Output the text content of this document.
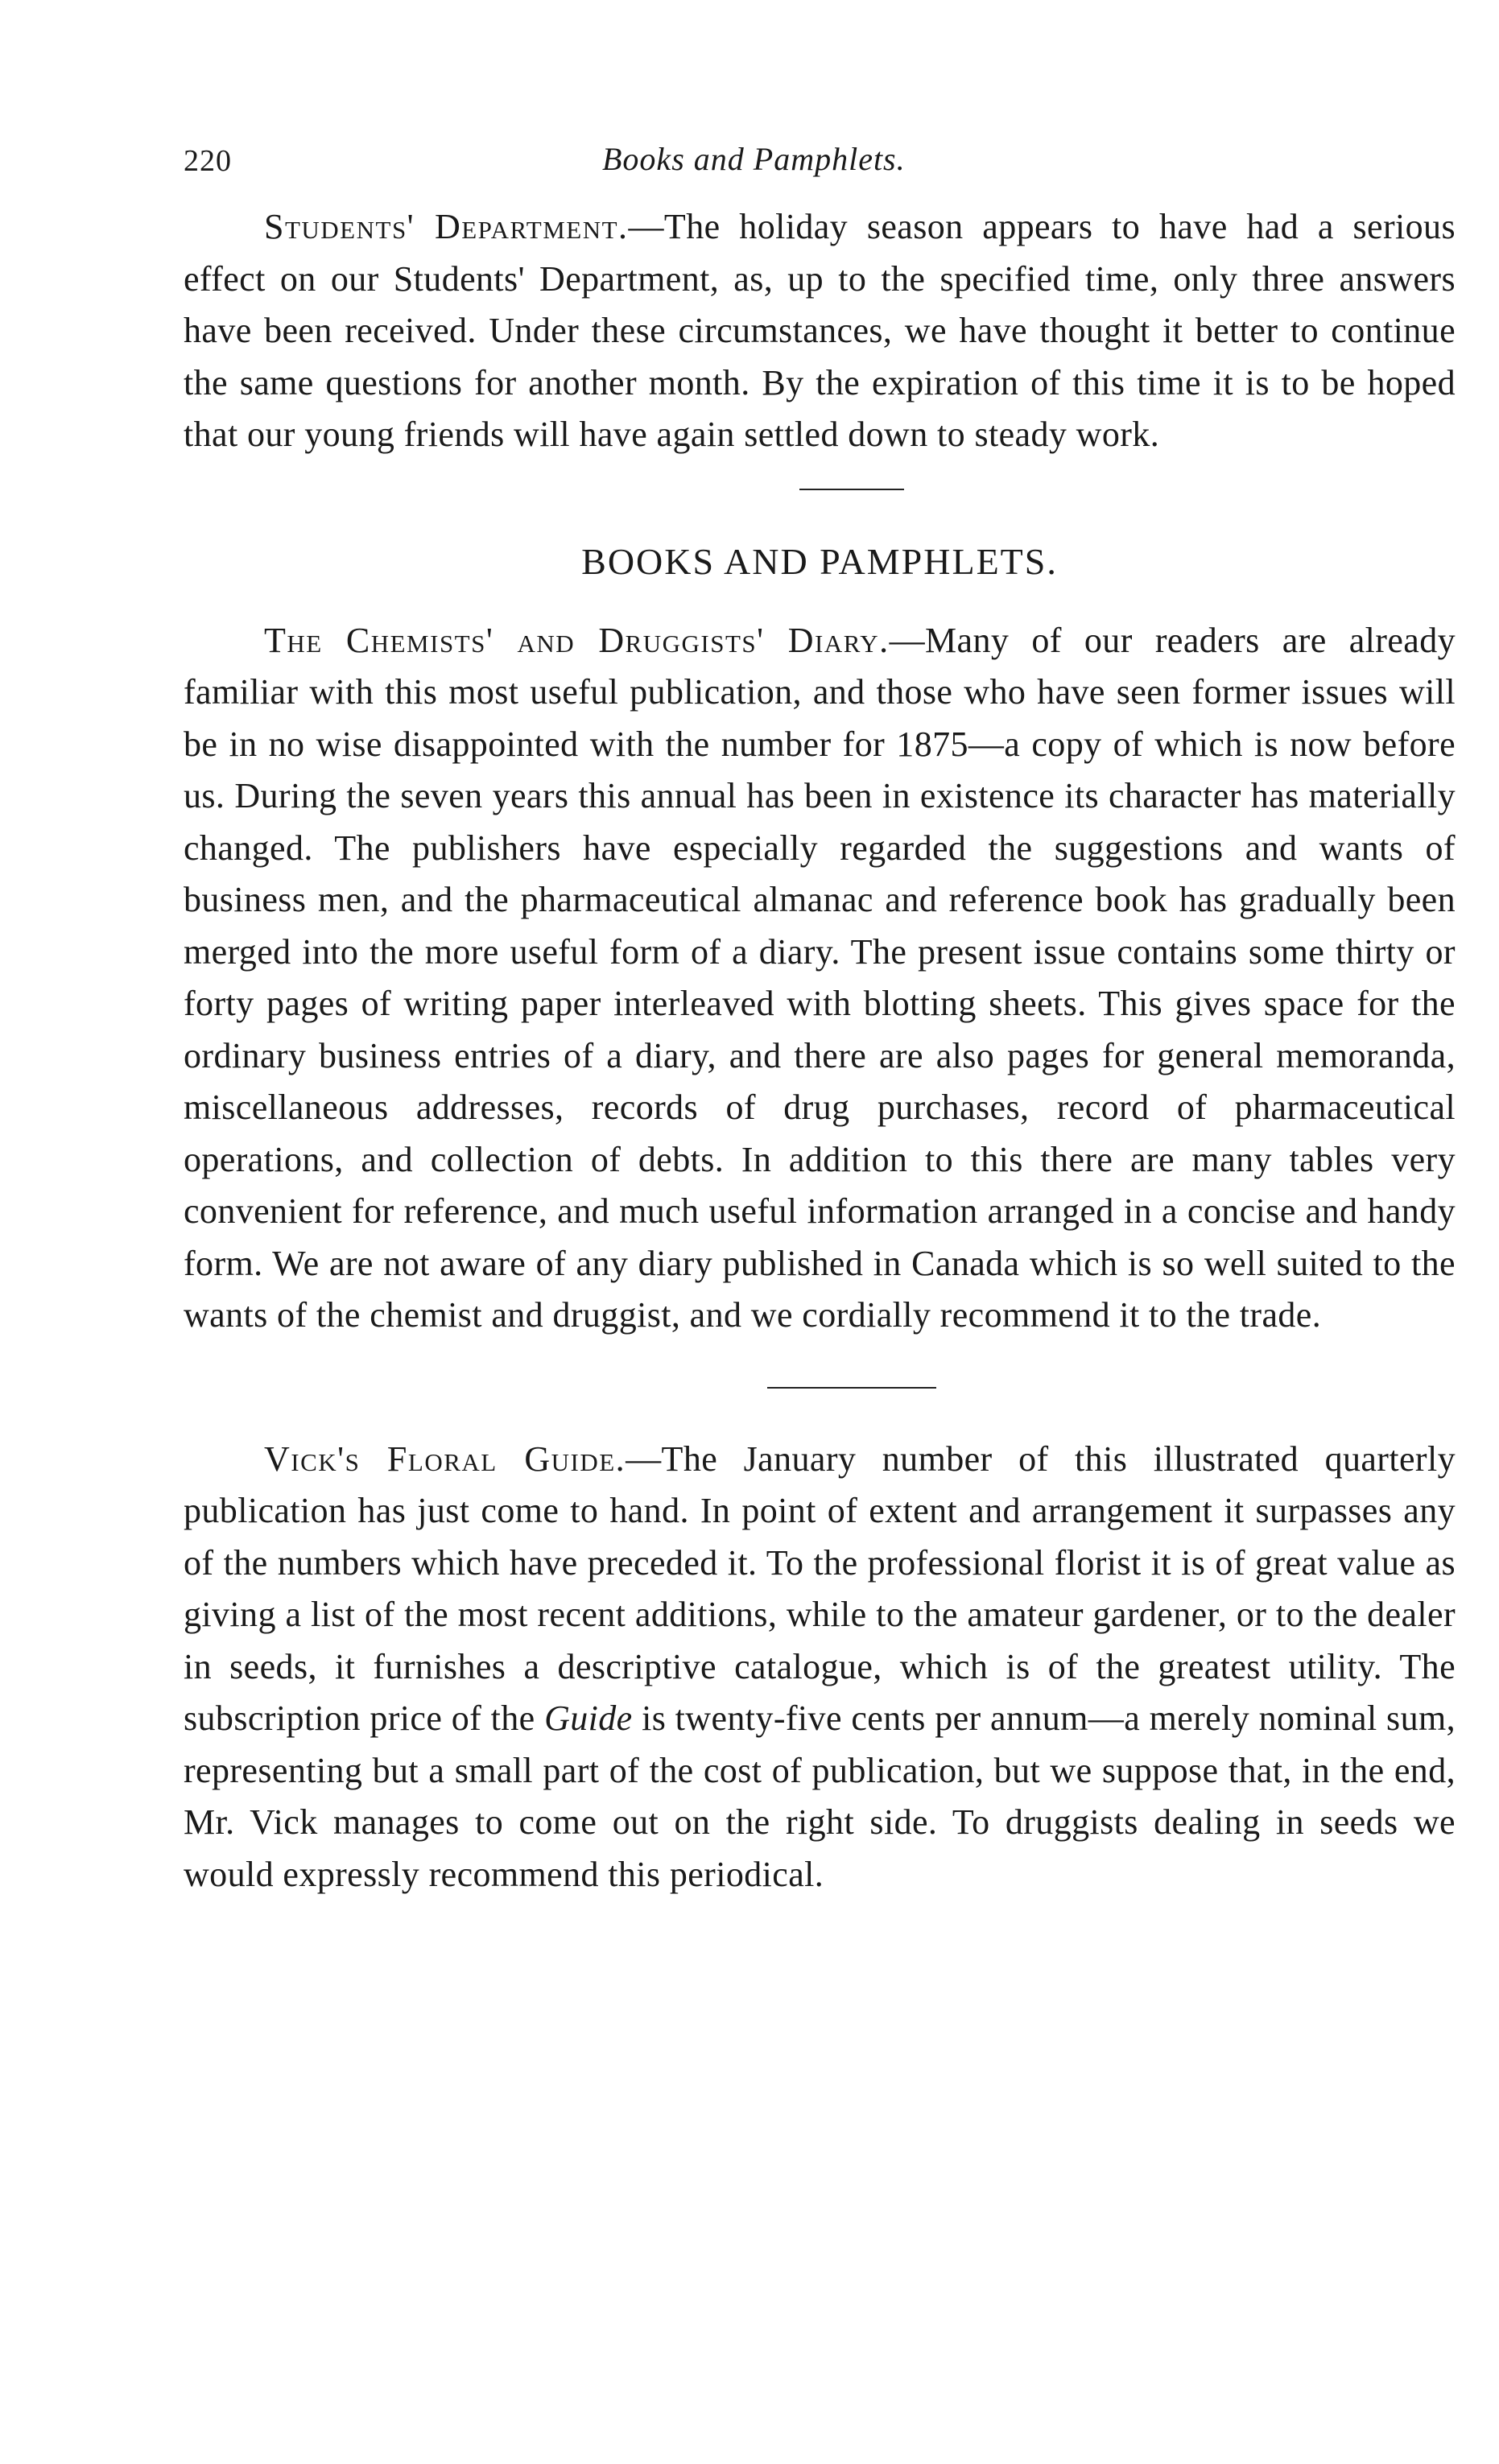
220	Books and Pamphlets.

Students' Department.—The holiday season appears to have had a serious effect on our Students' Department, as, up to the specified time, only three answers have been received. Under these circumstances, we have thought it better to continue the same questions for another month. By the expiration of this time it is to be hoped that our young friends will have again settled down to steady work.

BOOKS AND PAMPHLETS.

The Chemists' and Druggists' Diary.—Many of our readers are already familiar with this most useful publication, and those who have seen former issues will be in no wise disappointed with the number for 1875—a copy of which is now before us. During the seven years this annual has been in existence its character has materially changed. The publishers have especially regarded the suggestions and wants of business men, and the pharmaceutical almanac and reference book has gradually been merged into the more useful form of a diary. The present issue contains some thirty or forty pages of writing paper interleaved with blotting sheets. This gives space for the ordinary business entries of a diary, and there are also pages for general memoranda, miscellaneous addresses, records of drug purchases, record of pharmaceutical operations, and collection of debts. In addition to this there are many tables very convenient for reference, and much useful information arranged in a concise and handy form. We are not aware of any diary published in Canada which is so well suited to the wants of the chemist and druggist, and we cordially recommend it to the trade.

Vick's Floral Guide.—The January number of this illustrated quarterly publication has just come to hand. In point of extent and arrangement it surpasses any of the numbers which have preceded it. To the professional florist it is of great value as giving a list of the most recent additions, while to the amateur gardener, or to the dealer in seeds, it furnishes a descriptive catalogue, which is of the greatest utility. The subscription price of the Guide is twenty-five cents per annum—a merely nominal sum, representing but a small part of the cost of publication, but we suppose that, in the end, Mr. Vick manages to come out on the right side. To druggists dealing in seeds we would expressly recommend this periodical.
